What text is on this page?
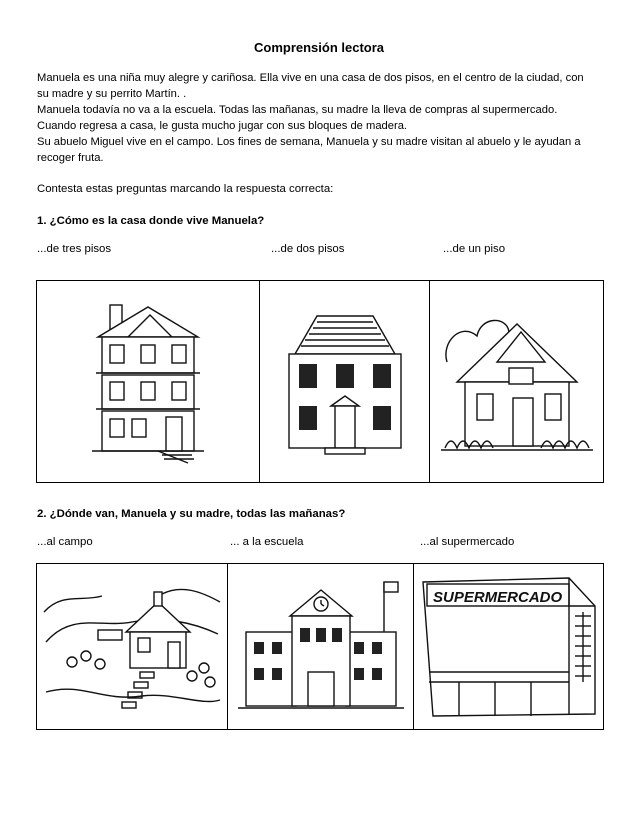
Comprensión lectora
Manuela es una niña muy alegre y cariñosa. Ella vive en una casa de dos pisos, en el centro de la ciudad, con
su madre y su perrito Martín. .
Manuela todavía no va a la escuela. Todas las mañanas, su madre la lleva de compras al supermercado.
Cuando regresa a casa, le gusta mucho jugar con sus bloques de madera.
Su abuelo Miguel vive en el campo. Los fines de semana, Manuela y su madre visitan al abuelo y le ayudan a
recoger fruta.
Contesta estas preguntas marcando la respuesta correcta:
1. ¿Cómo es la casa donde vive Manuela?
...de tres pisos	...de dos pisos	...de un piso
2. ¿Dónde van, Manuela y su madre, todas las mañanas?
...al campo	... a la escuela	...al supermercado
SUPERMERCADO
